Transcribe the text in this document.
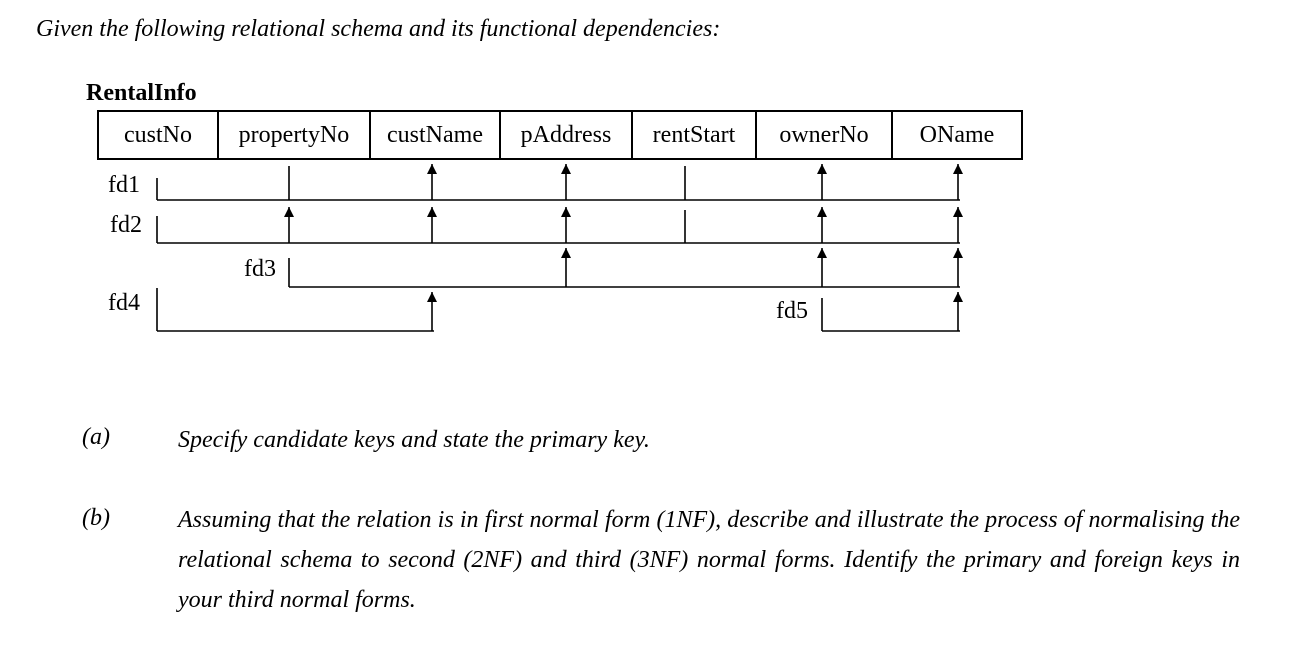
Given the following relational schema and its functional dependencies:
RentalInfo
custNo	propertyNo	custName	pAddress	rentStart	ownerNo	OName
fd1
fd2
fd3
fd4	fd5
(a)	Specify candidate keys and state the primary key.
(b)	Assuming that the relation is in first normal form (1NF), describe and illustrate the process of normalising the relational schema to second (2NF) and third (3NF) normal forms. Identify the primary and foreign keys in your third normal forms.
